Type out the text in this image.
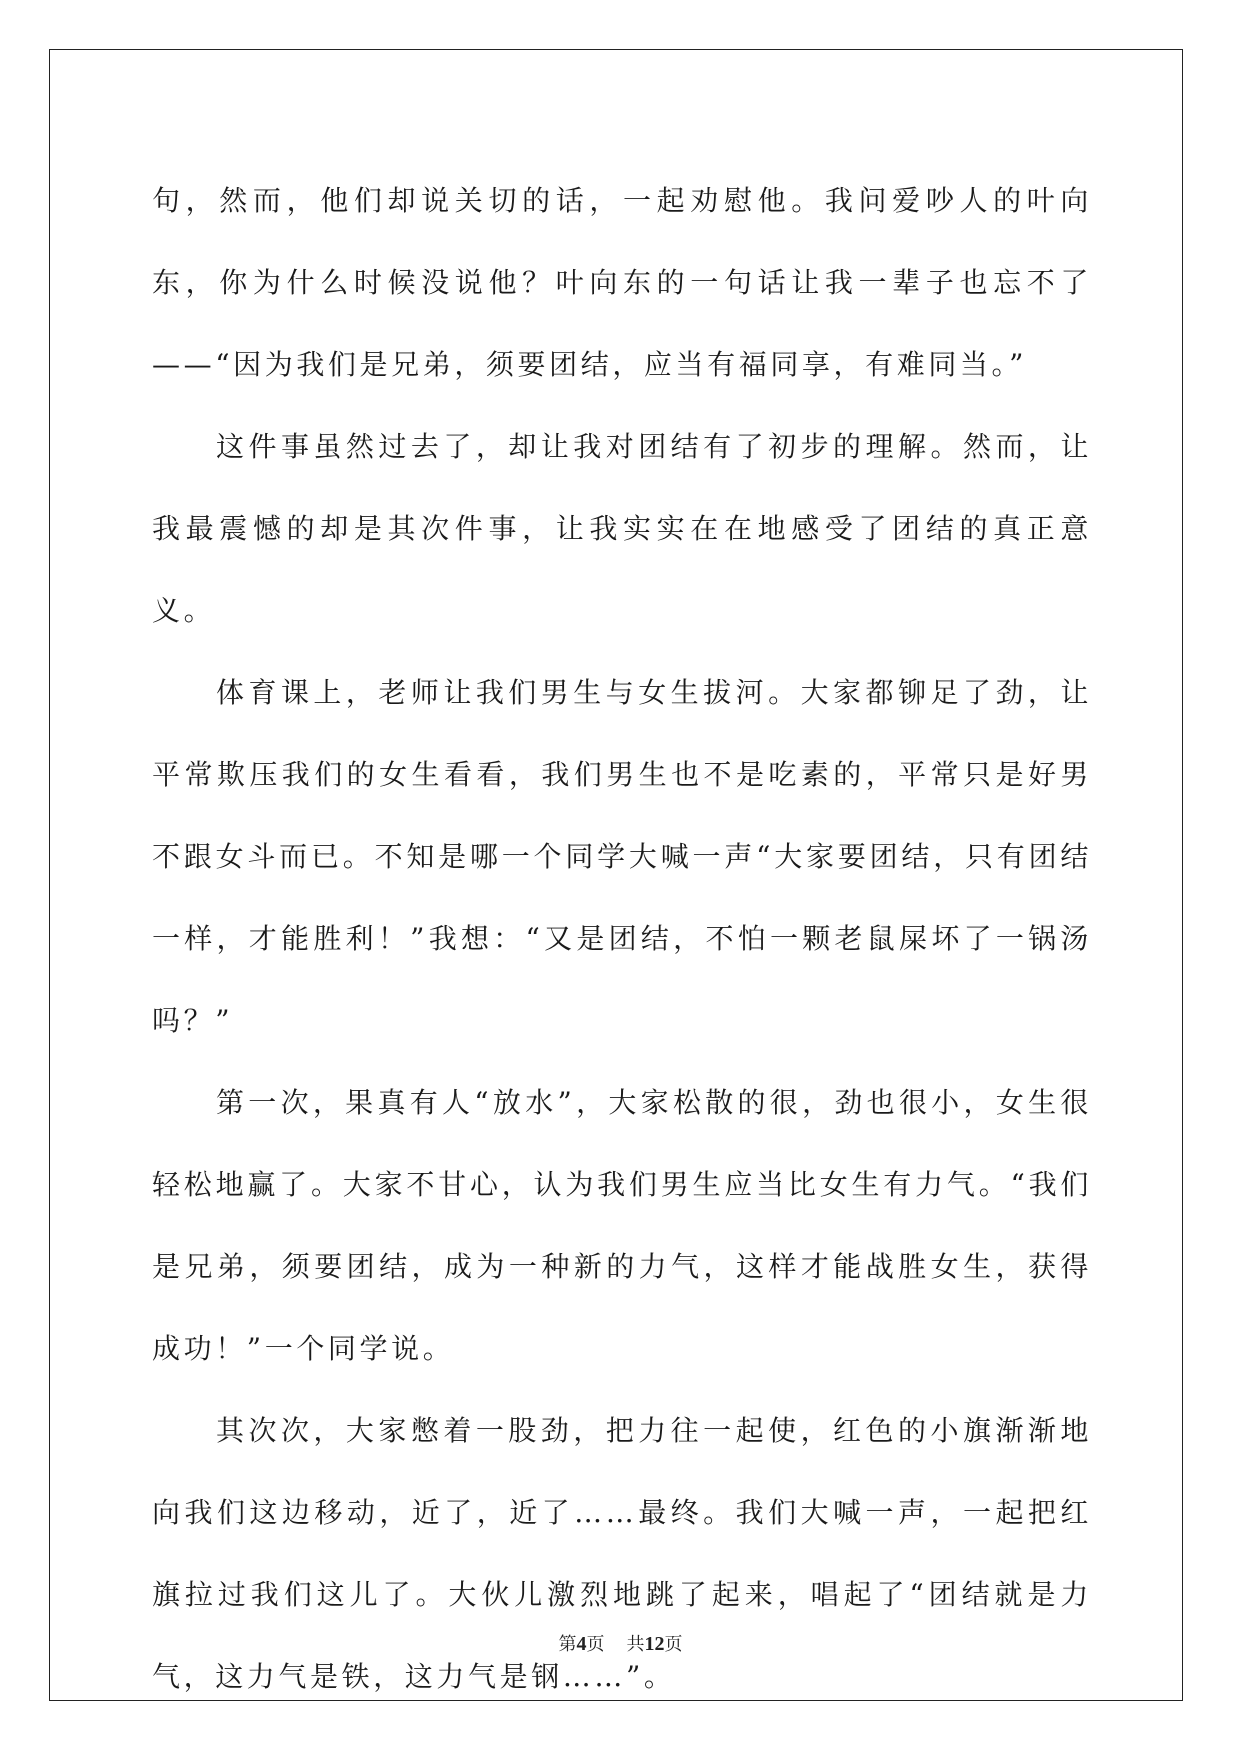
句，然而，他们却说关切的话，一起劝慰他。我问爱吵人的叶向东，你为什么时候没说他？叶向东的一句话让我一辈子也忘不了——“因为我们是兄弟，须要团结，应当有福同享，有难同当。”

这件事虽然过去了，却让我对团结有了初步的理解。然而，让我最震憾的却是其次件事，让我实实在在地感受了团结的真正意义。

体育课上，老师让我们男生与女生拔河。大家都铆足了劲，让平常欺压我们的女生看看，我们男生也不是吃素的，平常只是好男不跟女斗而已。不知是哪一个同学大喊一声“大家要团结，只有团结一样，才能胜利！”我想：“又是团结，不怕一颗老鼠屎坏了一锅汤吗？”

第一次，果真有人“放水”，大家松散的很，劲也很小，女生很轻松地赢了。大家不甘心，认为我们男生应当比女生有力气。“我们是兄弟，须要团结，成为一种新的力气，这样才能战胜女生，获得成功！”一个同学说。

其次次，大家憋着一股劲，把力往一起使，红色的小旗渐渐地向我们这边移动，近了，近了……最终。我们大喊一声，一起把红旗拉过我们这儿了。大伙儿激烈地跳了起来，唱起了“团结就是力气，这力气是铁，这力气是钢……”。

第4页 共12页
